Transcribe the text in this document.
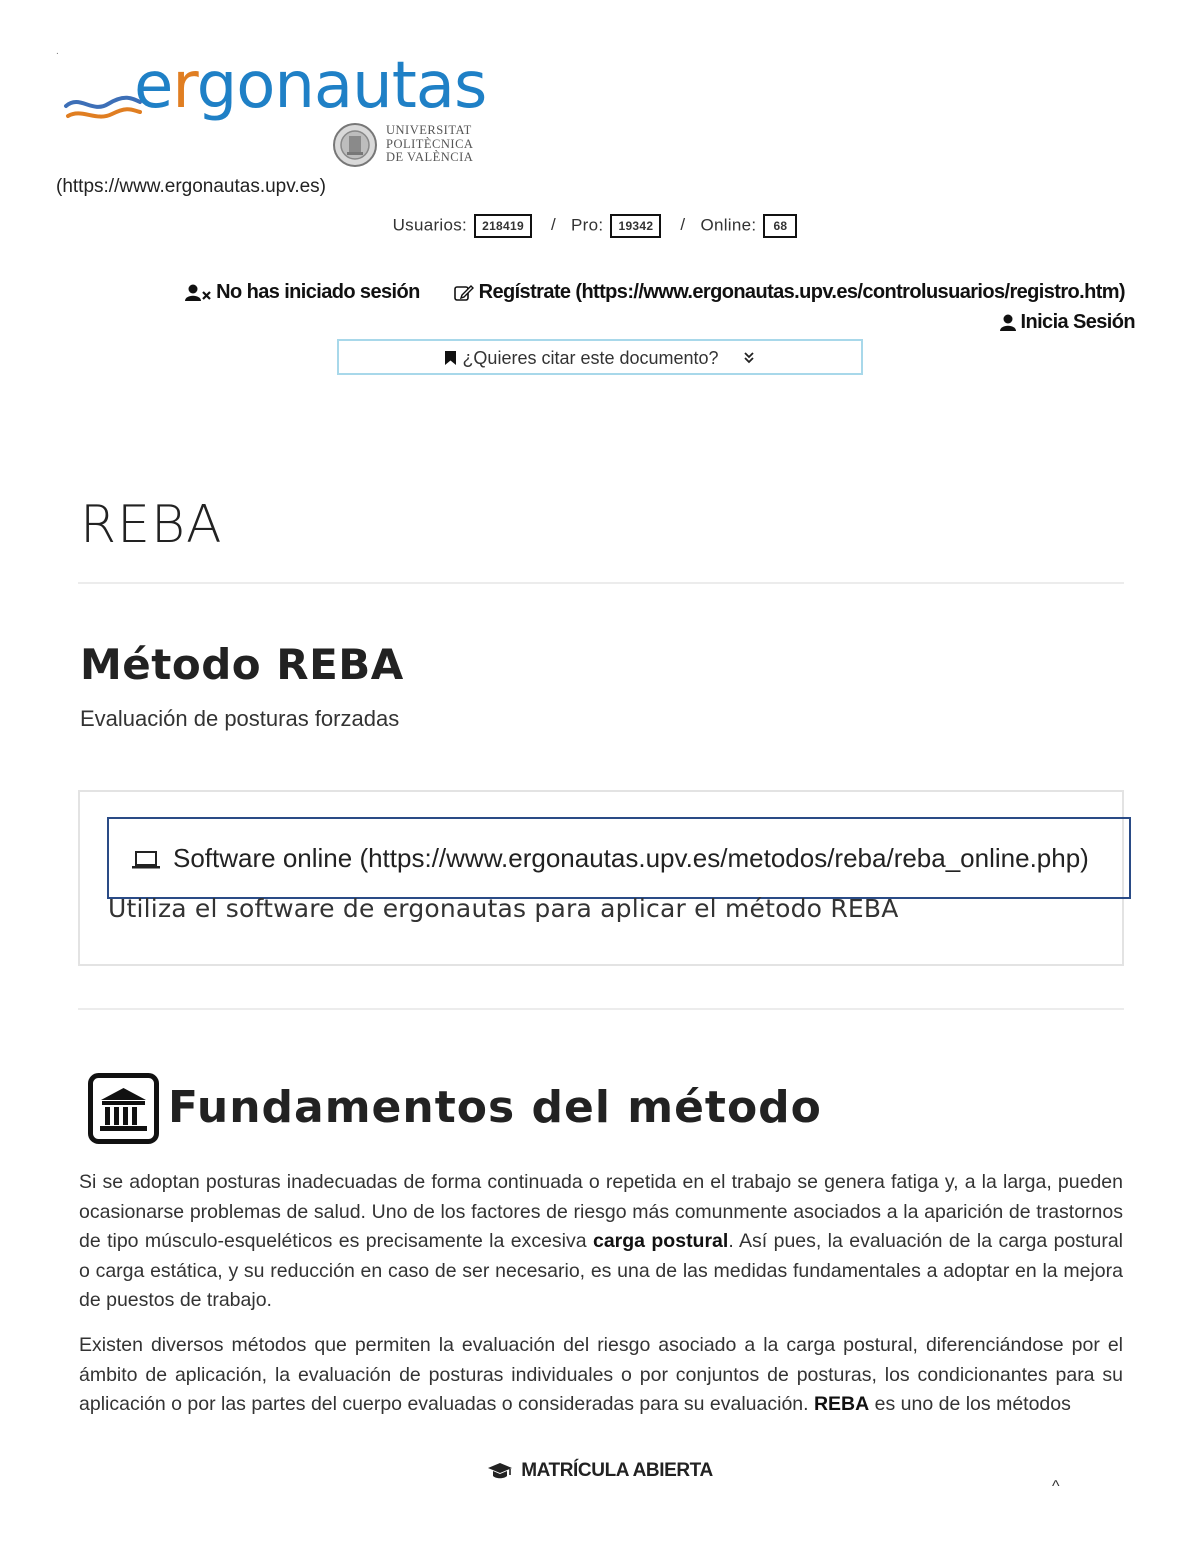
. ergonautas
UNIVERSITAT
POLITÈCNICA
DE VALÈNCIA
(https://www.ergonautas.upv.es)
Usuarios: 218419 / Pro: 19342 / Online: 68
No has iniciado sesión	Regístrate (https://www.ergonautas.upv.es/controlusuarios/registro.htm)
Inicia Sesión
¿Quieres citar este documento?
REBA
Método REBA
Evaluación de posturas forzadas
Software online (https://www.ergonautas.upv.es/metodos/reba/reba_online.php)
Utiliza el software de ergonautas para aplicar el método REBA
Fundamentos del método

Si se adoptan posturas inadecuadas de forma continuada o repetida en el trabajo se genera fatiga y, a la larga, pueden ocasionarse problemas de salud. Uno de los factores de riesgo más comunmente asociados a la aparición de trastornos de tipo músculo-esqueléticos es precisamente la excesiva carga postural. Así pues, la evaluación de la carga postural o carga estática, y su reducción en caso de ser necesario, es una de las medidas fundamentales a adoptar en la mejora de puestos de trabajo.

Existen diversos métodos que permiten la evaluación del riesgo asociado a la carga postural, diferenciándose por el ámbito de aplicación, la evaluación de posturas individuales o por conjuntos de posturas, los condicionantes para su aplicación o por las partes del cuerpo evaluadas o consideradas para su evaluación. REBA es uno de los métodos

MATRÍCULA ABIERTA
^
